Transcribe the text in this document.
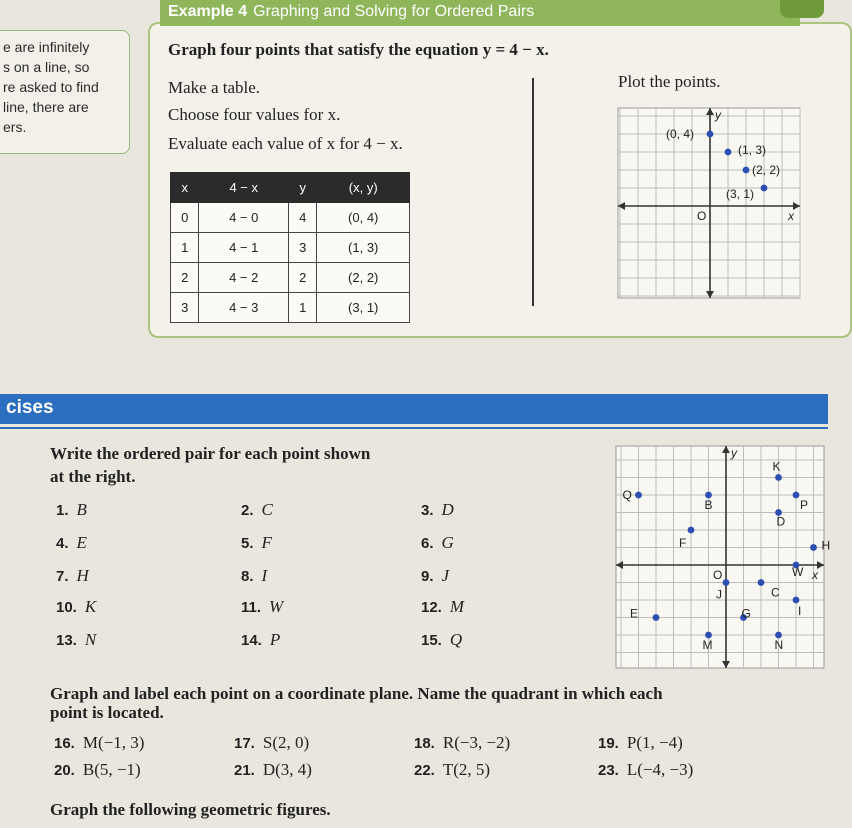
e are infinitely
s on a line, so
re asked to find
line, there are
ers.
Example 4 Graphing and Solving for Ordered Pairs
Graph four points that satisfy the equation y = 4 − x.
Make a table.
Choose four values for x.
Evaluate each value of x for 4 − x.
Plot the points.
x	4 − x	y	(x, y)
0	4 − 0	4	(0, 4)
1	4 − 1	3	(1, 3)
2	4 − 2	2	(2, 2)
3	4 − 3	1	(3, 1)
y
x
O
(0, 4)
(1, 3)
(2, 2)
(3, 1)
cises
Write the ordered pair for each point shown
at the right.
1. B	2. C	3. D
4. E	5. F	6. G
7. H	8. I	9. J
10. K	11. W	12. M
13. N	14. P	15. Q
y
x
O
K
B	P
Q
D
F	H
W
J	C
I
E	G
M	N
Graph and label each point on a coordinate plane. Name the quadrant in which each
point is located.
16. M(−1, 3)	17. S(2, 0)	18. R(−3, −2)	19. P(1, −4)
20. B(5, −1)	21. D(3, 4)	22. T(2, 5)	23. L(−4, −3)
Graph the following geometric figures.
